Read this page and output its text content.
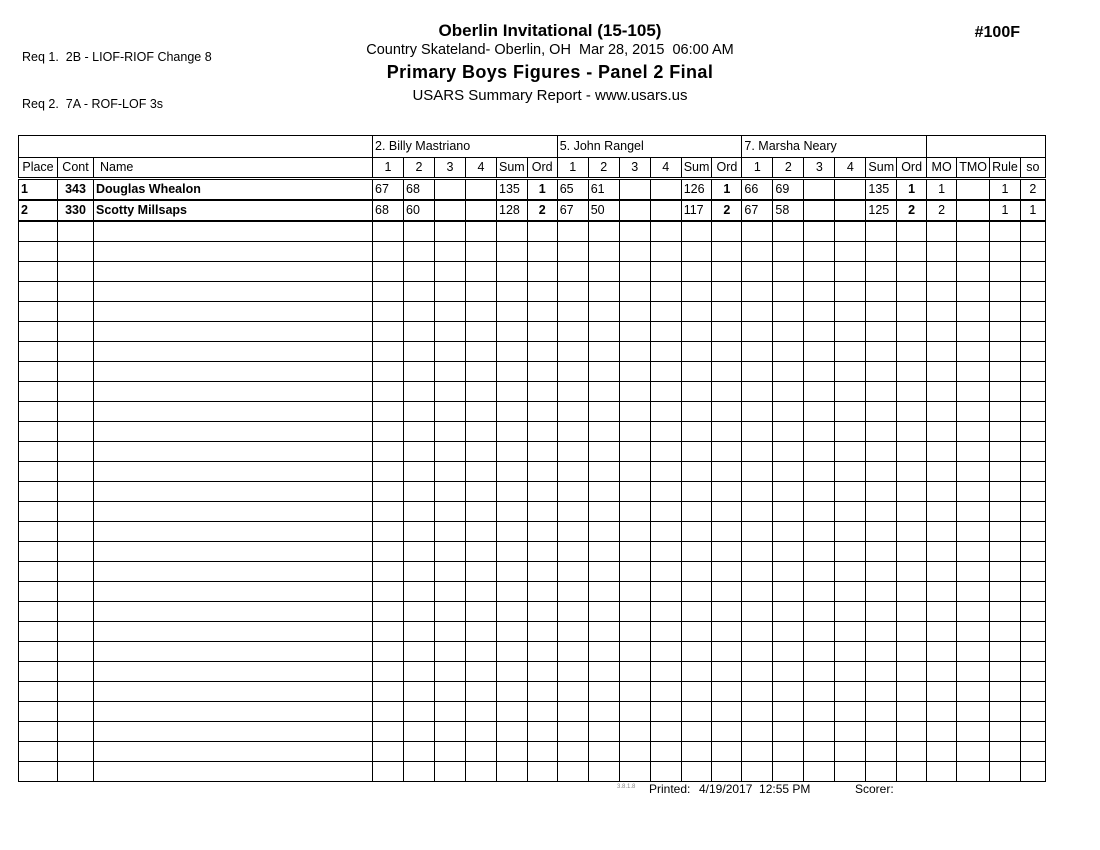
Req 1.  2B - LIOF-RIOF Change 8

Req 2.  7A - ROF-LOF 3s

Oberlin Invitational (15-105)
Country Skateland- Oberlin, OH  Mar 28, 2015  06:00 AM
Primary Boys Figures - Panel 2 Final
USARS Summary Report - www.usars.us
#100F
			2. Billy Mastriano						5. John Rangel						7. Marsha Neary									
Place	Cont	Name	1	2	3	4	Sum	Ord	1	2	3	4	Sum	Ord	1	2	3	4	Sum	Ord	MO	TMO	Rule	so
1	343	Douglas Whealon	67	68			135	1	65	61			126	1	66	69			135	1	1		1	2
2	330	Scotty Millsaps	68	60			128	2	67	50			117	2	67	58			125	2	2		1	1

3.8.1.8 Printed: 4/19/2017  12:55 PM	Scorer:
